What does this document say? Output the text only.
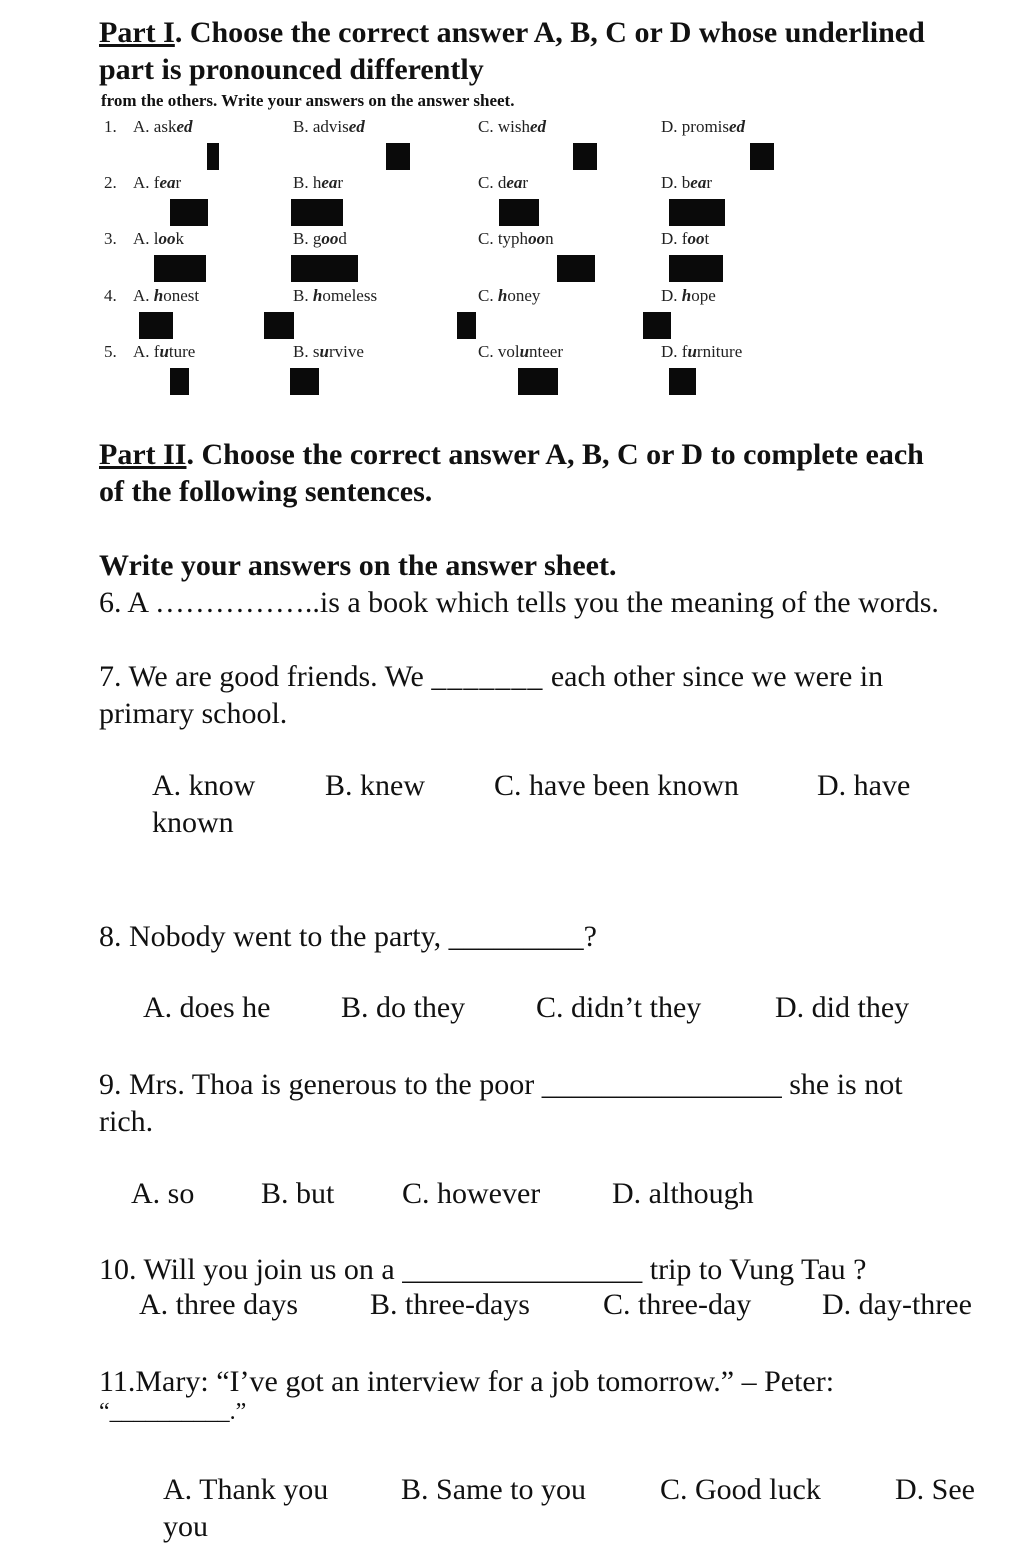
Part I. Choose the correct answer A, B, C or D whose underlined
part is pronounced differently
from the others. Write your answers on the answer sheet.
1. A. asked	B. advised	C. wished	D. promised
2. A. fear	B. hear	C. dear	D. bear
3. A. look	B. good	C. typhoon	D. foot
4. A. honest	B. homeless	C. honey	D. hope
5. A. future	B. survive	C. volunteer	D. furniture
Part II. Choose the correct answer A, B, C or D to complete each
of the following sentences.
Write your answers on the answer sheet.
6. A ……………..is a book which tells you the meaning of the words.
7. We are good friends. We _______ each other since we were in
primary school.
A. know B. knew C. have been known	D. have
known
8. Nobody went to the party, _________?
A. does he B. do they C. didn’t they D. did they
9. Mrs. Thoa is generous to the poor ________________ she is not
rich.
A. so B. but C. however D. although
10. Will you join us on a ________________ trip to Vung Tau ?
A. three days B. three-days C. three-day D. day-three
11.Mary: “I’ve got an interview for a job tomorrow.” – Peter:
“__________.”
A. Thank you B. Same to you C. Good luck D. See
you
